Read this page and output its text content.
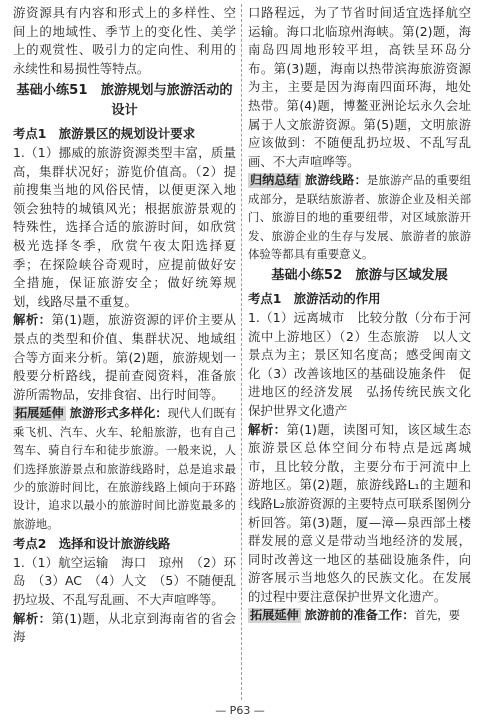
游资源具有内容和形式上的多样性、空间上的地域性、季节上的变化性、美学上的观赏性、吸引力的定向性、利用的永续性和易损性等特点。

基础小练51　旅游规划与旅游活动的设计
考点1　旅游景区的规划设计要求

1.（1）挪威的旅游资源类型丰富，质量高，集群状况好；游览价值高。（2）提前搜集当地的风俗民情，以便更深入地领会独特的城镇风光；根据旅游景观的特殊性，选择合适的旅游时间，如欣赏极光选择冬季，欣赏午夜太阳选择夏季；在探险峡谷奇观时，应提前做好安全措施，保证旅游安全；做好统筹规划，线路尽量不重复。

解析：第(1)题，旅游资源的评价主要从景点的类型和价值、集群状况、地域组合等方面来分析。第(2)题，旅游规划一般要分析路线，提前查阅资料，准备旅游所需物品，安排食宿、出行时间等。

拓展延伸 旅游形式多样化：现代人们既有乘飞机、汽车、火车、轮船旅游，也有自己驾车、骑自行车和徒步旅游。一般来说，人们选择旅游景点和旅游线路时，总是追求最少的旅游时间比，在旅游线路上倾向于环路设计，追求以最小的旅游时间比游览最多的旅游地。

考点2　选择和设计旅游线路

1.（1）航空运输　海口　琼州　（2）环岛　（3）AC　（4）人文　（5）不随便乱扔垃圾、不乱写乱画、不大声喧哗等。

解析：第(1)题，从北京到海南省的省会海

口路程远，为了节省时间适宜选择航空运输。海口北临琼州海峡。第(2)题，海南岛四周地形较平坦，高铁呈环岛分布。第(3)题，海南以热带滨海旅游资源为主，主要是因为海南四面环海，地处热带。第(4)题，博鳌亚洲论坛永久会址属于人文旅游资源。第(5)题，文明旅游应该做到：不随便乱扔垃圾、不乱写乱画、不大声喧哗等。

归纳总结 旅游线路：是旅游产品的重要组成部分，是联结旅游者、旅游企业及相关部门、旅游目的地的重要纽带，对区域旅游开发、旅游企业的生存与发展、旅游者的旅游体验等都具有重要意义。

基础小练52　旅游与区域发展
考点1　旅游活动的作用

1.（1）远离城市　比较分散（分布于河流中上游地区）（2）生态旅游　以人文景点为主；景区知名度高；感受闽南文化（3）改善该地区的基础设施条件　促进地区的经济发展　弘扬传统民族文化　保护世界文化遗产

解析：第(1)题，读图可知，该区域生态旅游景区总体空间分布特点是远离城市，且比较分散，主要分布于河流中上游地区。第(2)题，旅游线路L₁的主题和线路L₂旅游资源的主要特点可联系图例分析回答。第(3)题，厦—漳—泉西部土楼群发展的意义是带动当地经济的发展，同时改善这一地区的基础设施条件，向游客展示当地悠久的民族文化。在发展的过程中要注意保护世界文化遗产。

拓展延伸 旅游前的准备工作：首先，要

— P63 —
